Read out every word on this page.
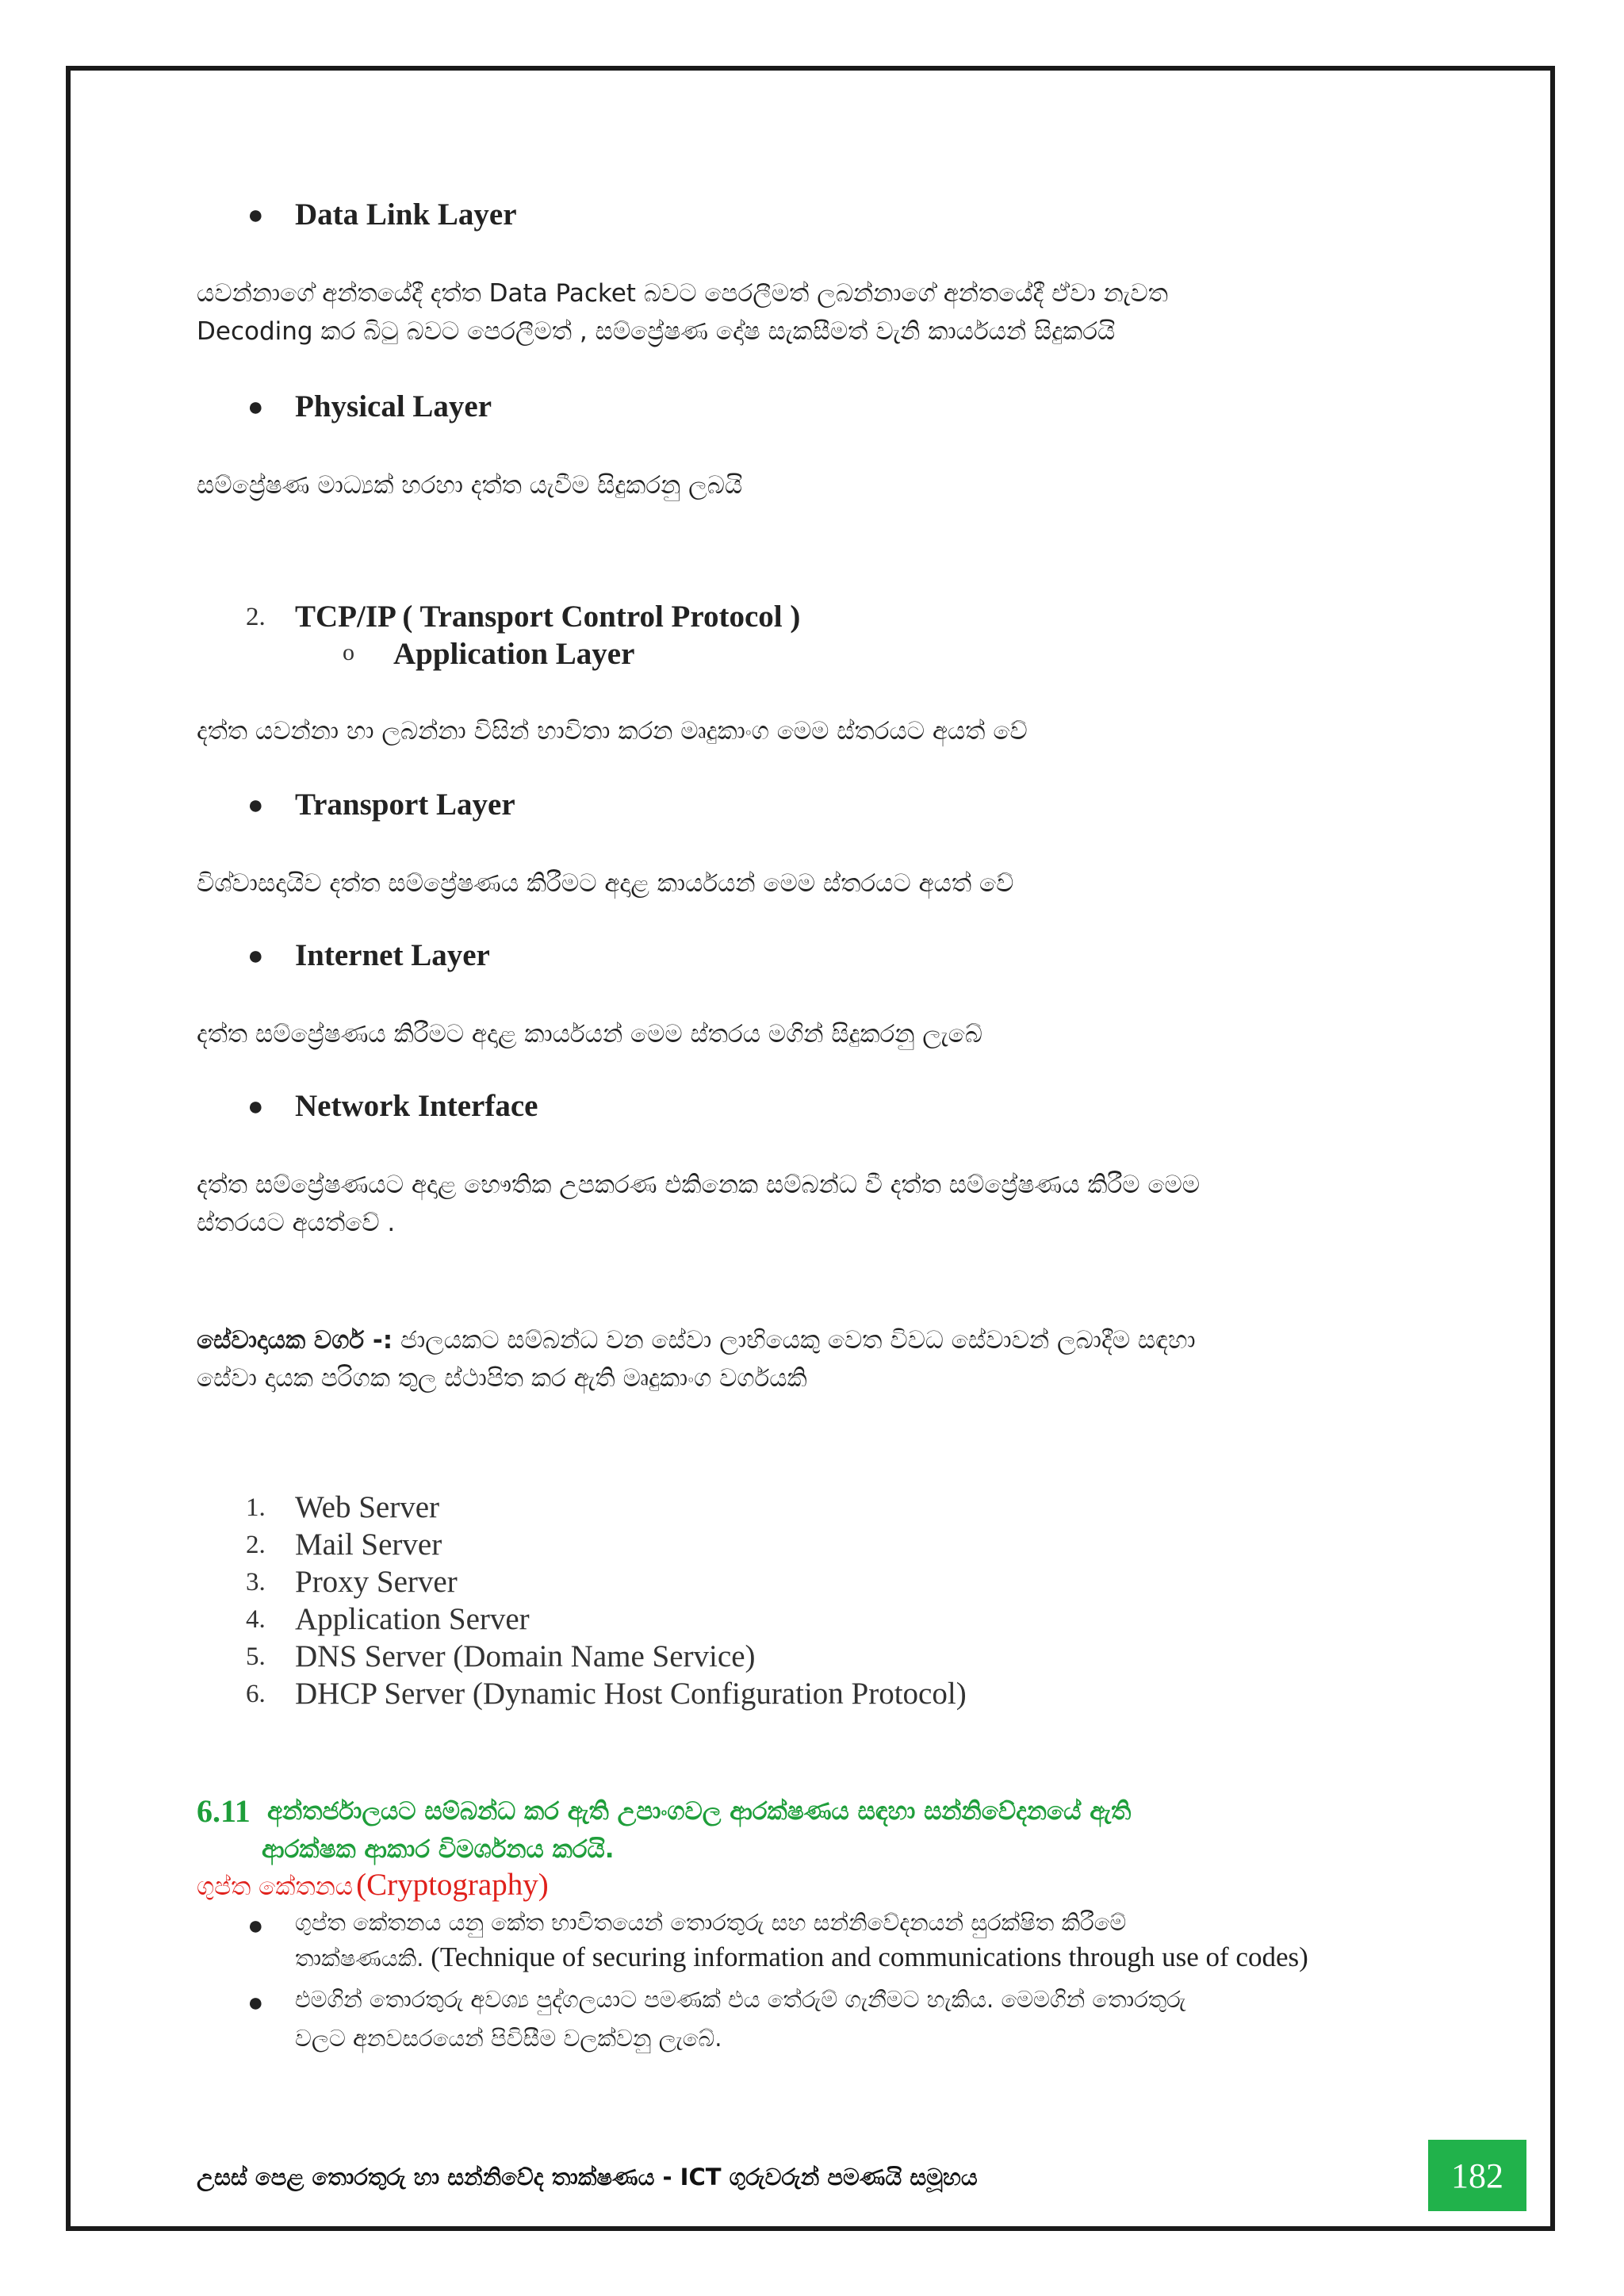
● Data Link Layer
යවන්නාගේ අන්තයේදී දත්ත Data Packet බවට පෙරලීමත් ලබන්නාගේ අන්තයේදී ඒවා නැවත
Decoding කර බිටු බවට පෙරලීමත් , සම්ප්‍රේෂණ දෝෂ සැකසීමත් වැනි කාර්යයන් සිදුකරයි
● Physical Layer
සම්ප්‍රේෂණ මාධ්‍යක් හරහා දත්ත යැවීම සිදුකරනු ලබයි
2. TCP/IP ( Transport Control Protocol )
o Application Layer
දත්ත යවන්නා හා ලබන්නා විසින් භාවිතා කරන මෘදුකාංග මෙම ස්තරයට අයත් වේ
● Transport Layer
විශ්වාසදායිව දත්ත සම්ප්‍රේෂණය කිරීමට අදාළ කාර්යයන් මෙම ස්තරයට අයත් වේ
● Internet Layer
දත්ත සම්ප්‍රේෂණය කිරීමට අදාළ කාර්යයන් මෙම ස්තරය මගින් සිදුකරනු ලැබේ
● Network Interface
දත්ත සම්ප්‍රේෂණයට අදාළ භෞතික උපකරණ එකිනෙක සම්බන්ධ වී දත්ත සම්ප්‍රේෂණය කිරීම මෙම
ස්තරයට අයත්වේ .
සේවාදායක වර්ග -: ජාලයකට සම්බන්ධ වන සේවා ලාභියෙකු වෙත විවධ සේවාවන් ලබාදීම සඳහා
සේවා දායක පරිගක තුල ස්ථාපිත කර ඇති මෘදුකාංග වර්ගයකි
1. Web Server
2. Mail Server
3. Proxy Server
4. Application Server
5. DNS Server (Domain Name Service)
6. DHCP Server (Dynamic Host Configuration Protocol)
6.11 අන්තර්ජාලයට සම්බන්ධ කර ඇති උපාංගවල ආරක්ෂණය සඳහා සන්නිවේදනයේ ඇති
ආරක්ෂක ආකාර විමර්ශනය කරයි.
ගුප්ත කේතනය (Cryptography)
● ගුප්ත කේතනය යනු කේත භාවිතයෙන් තොරතුරු සහ සන්නිවේදනයන් සුරක්ෂිත කිරීමේ
තාක්ෂණයකි. (Technique of securing information and communications through use of codes)
● එමගින් තොරතුරු අවශ්‍ය පුද්ගලයාට පමණක් එය තේරුම් ගැනීමට හැකිය. මෙමගින් තොරතුරු
වලට අනවසරයෙන් පිවිසීම වලක්වනු ලැබේ.
උසස් පෙළ තොරතුරු හා සන්නිවේද තාක්ෂණය - ICT ගුරුවරුන් පමණයි සමූහය	182
